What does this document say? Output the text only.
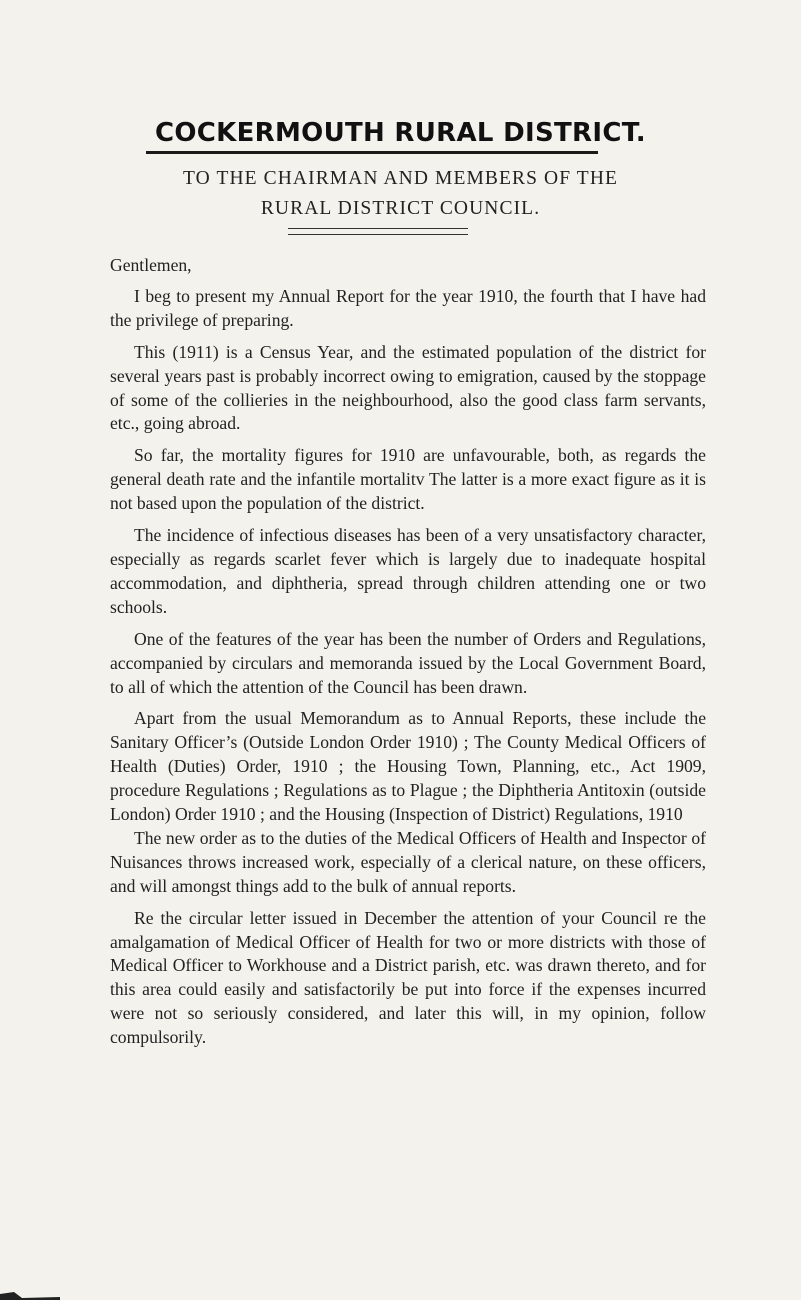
COCKERMOUTH RURAL DISTRICT.

TO THE CHAIRMAN AND MEMBERS OF THE
RURAL DISTRICT COUNCIL.

Gentlemen,

I beg to present my Annual Report for the year 1910, the fourth that I have had the privilege of preparing.

This (1911) is a Census Year, and the estimated population of the district for several years past is probably incorrect owing to emigration, caused by the stoppage of some of the collieries in the neighbourhood, also the good class farm servants, etc., going abroad.

So far, the mortality figures for 1910 are unfavourable, both, as regards the general death rate and the infantile mortalitv The latter is a more exact figure as it is not based upon the population of the district.

The incidence of infectious diseases has been of a very unsatisfactory character, especially as regards scarlet fever which is largely due to inadequate hospital accommodation, and diphtheria, spread through children attending one or two schools.

One of the features of the year has been the number of Orders and Regulations, accompanied by circulars and memoranda issued by the Local Government Board, to all of which the attention of the Council has been drawn.

Apart from the usual Memorandum as to Annual Reports, these include the Sanitary Officer’s (Outside London Order 1910) ; The County Medical Officers of Health (Duties) Order, 1910 ; the Housing Town, Planning, etc., Act 1909, procedure Regulations ; Regulations as to Plague ; the Diphtheria Antitoxin (outside London) Order 1910 ; and the Housing (Inspection of District) Regulations, 1910

The new order as to the duties of the Medical Officers of Health and Inspector of Nuisances throws increased work, especially of a clerical nature, on these officers, and will amongst things add to the bulk of annual reports.

Re the circular letter issued in December the attention of your Council re the amalgamation of Medical Officer of Health for two or more districts with those of Medical Officer to Workhouse and a District parish, etc. was drawn thereto, and for this area could easily and satisfactorily be put into force if the expenses incurred were not so seriously considered, and later this will, in my opinion, follow compulsorily.
